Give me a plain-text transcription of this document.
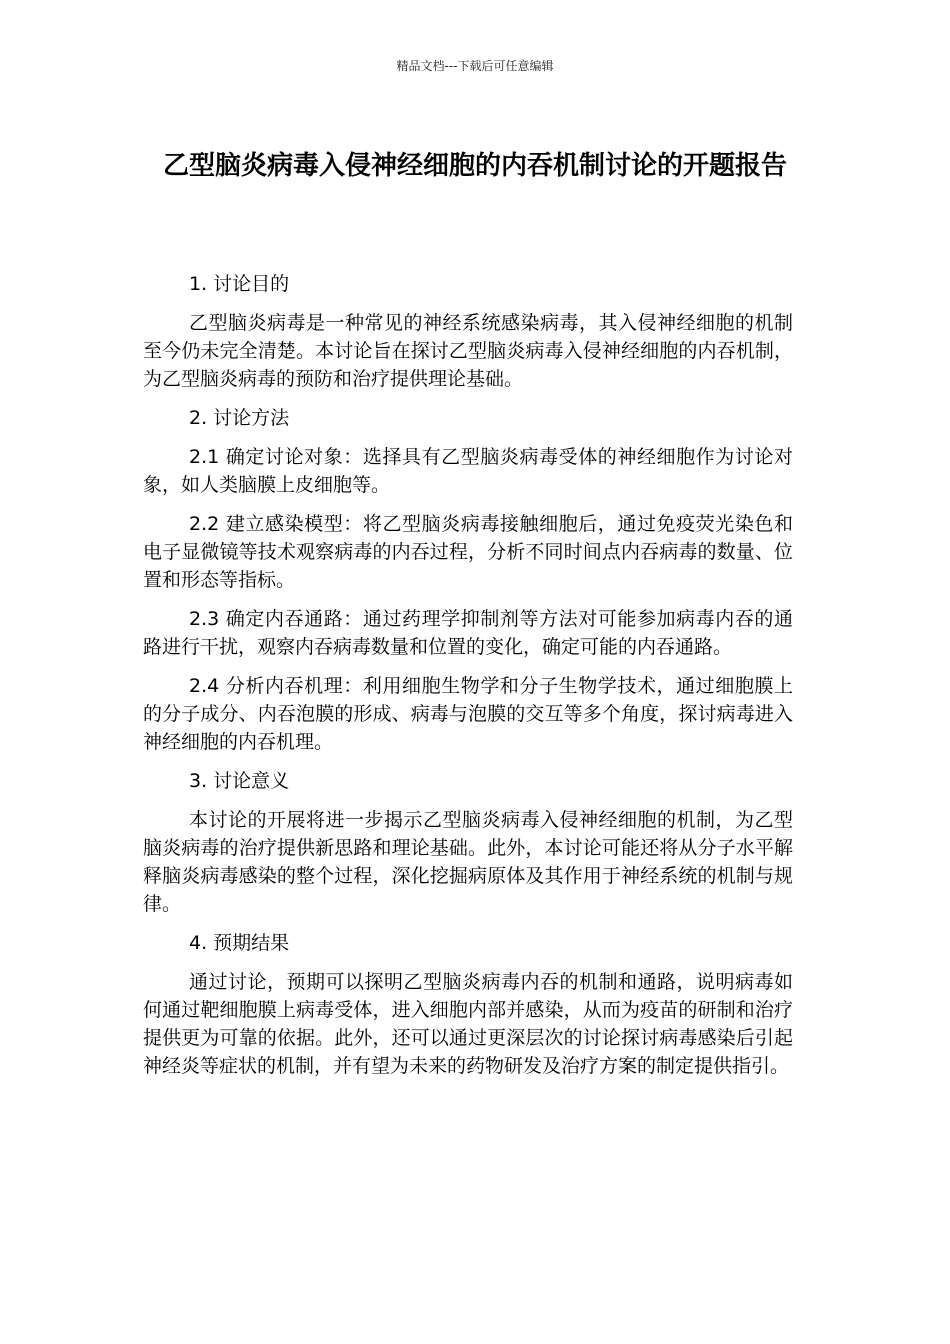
精品文档---下载后可任意编辑
乙型脑炎病毒入侵神经细胞的内吞机制讨论的开题报告

1. 讨论目的

乙型脑炎病毒是一种常见的神经系统感染病毒，其入侵神经细胞的机制至今仍未完全清楚。本讨论旨在探讨乙型脑炎病毒入侵神经细胞的内吞机制，为乙型脑炎病毒的预防和治疗提供理论基础。

2. 讨论方法

2.1 确定讨论对象：选择具有乙型脑炎病毒受体的神经细胞作为讨论对象，如人类脑膜上皮细胞等。

2.2 建立感染模型：将乙型脑炎病毒接触细胞后，通过免疫荧光染色和电子显微镜等技术观察病毒的内吞过程，分析不同时间点内吞病毒的数量、位置和形态等指标。

2.3 确定内吞通路：通过药理学抑制剂等方法对可能参加病毒内吞的通路进行干扰，观察内吞病毒数量和位置的变化，确定可能的内吞通路。

2.4 分析内吞机理：利用细胞生物学和分子生物学技术，通过细胞膜上的分子成分、内吞泡膜的形成、病毒与泡膜的交互等多个角度，探讨病毒进入神经细胞的内吞机理。

3. 讨论意义

本讨论的开展将进一步揭示乙型脑炎病毒入侵神经细胞的机制，为乙型脑炎病毒的治疗提供新思路和理论基础。此外，本讨论可能还将从分子水平解释脑炎病毒感染的整个过程，深化挖掘病原体及其作用于神经系统的机制与规律。

4. 预期结果

通过讨论，预期可以探明乙型脑炎病毒内吞的机制和通路，说明病毒如何通过靶细胞膜上病毒受体，进入细胞内部并感染，从而为疫苗的研制和治疗提供更为可靠的依据。此外，还可以通过更深层次的讨论探讨病毒感染后引起神经炎等症状的机制，并有望为未来的药物研发及治疗方案的制定提供指引。
